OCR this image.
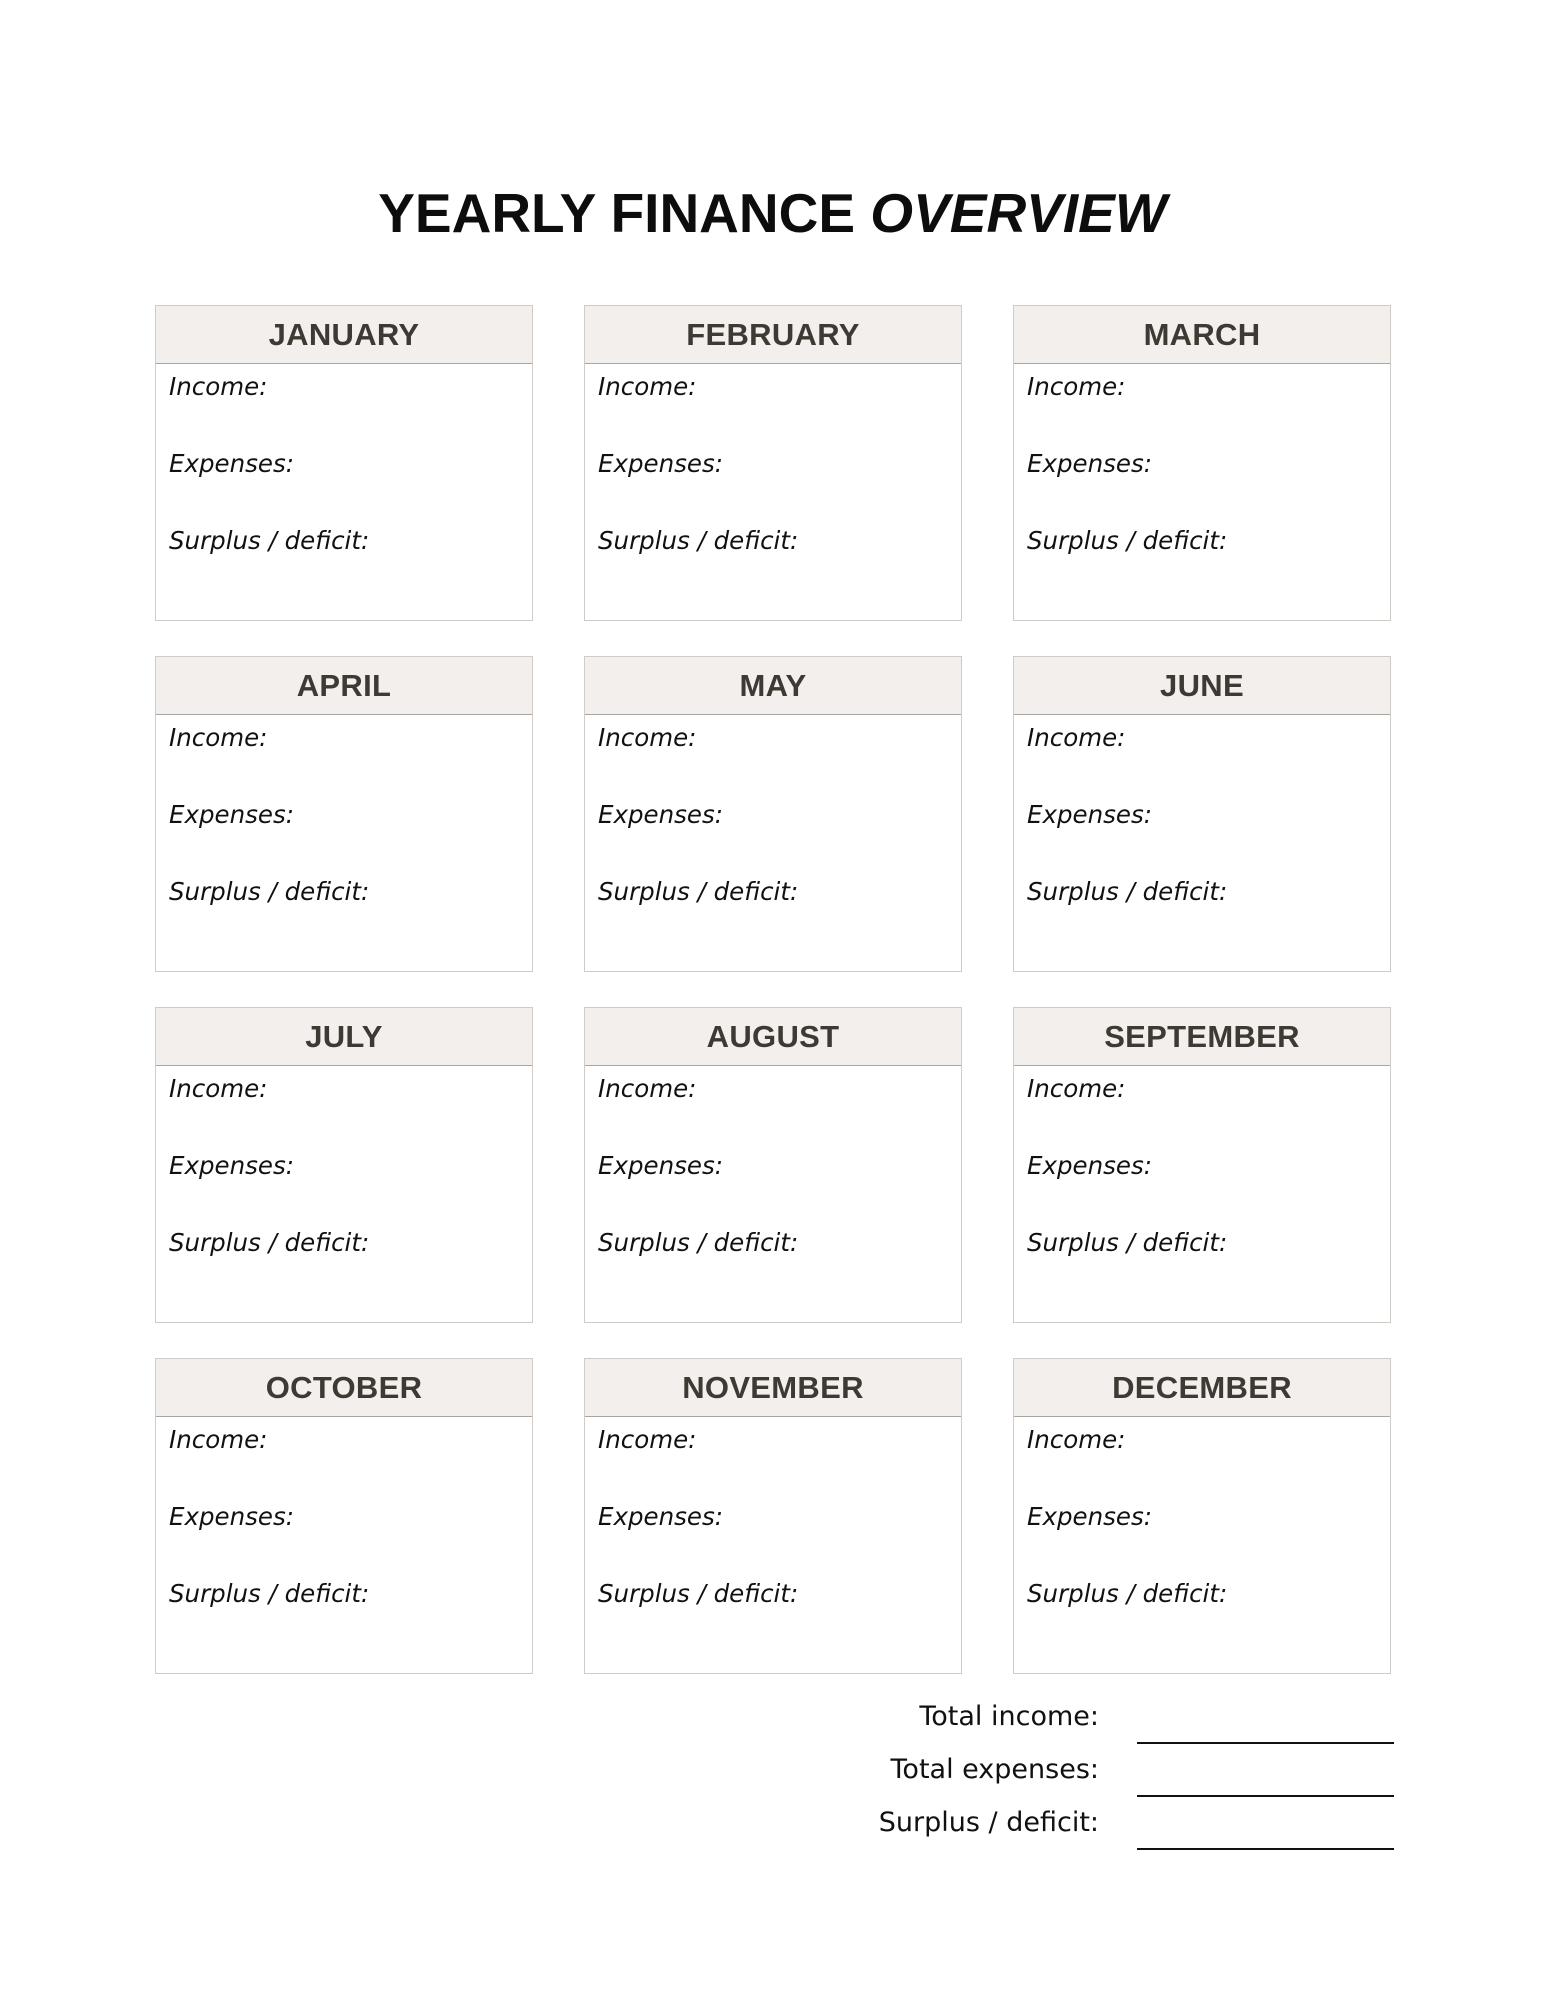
YEARLY FINANCE OVERVIEW
JANUARY
Income:
Expenses:
Surplus / deficit:
FEBRUARY
Income:
Expenses:
Surplus / deficit:
MARCH
Income:
Expenses:
Surplus / deficit:
APRIL
Income:
Expenses:
Surplus / deficit:
MAY
Income:
Expenses:
Surplus / deficit:
JUNE
Income:
Expenses:
Surplus / deficit:
JULY
Income:
Expenses:
Surplus / deficit:
AUGUST
Income:
Expenses:
Surplus / deficit:
SEPTEMBER
Income:
Expenses:
Surplus / deficit:
OCTOBER
Income:
Expenses:
Surplus / deficit:
NOVEMBER
Income:
Expenses:
Surplus / deficit:
DECEMBER
Income:
Expenses:
Surplus / deficit:
Total income:
Total expenses:
Surplus / deficit:
